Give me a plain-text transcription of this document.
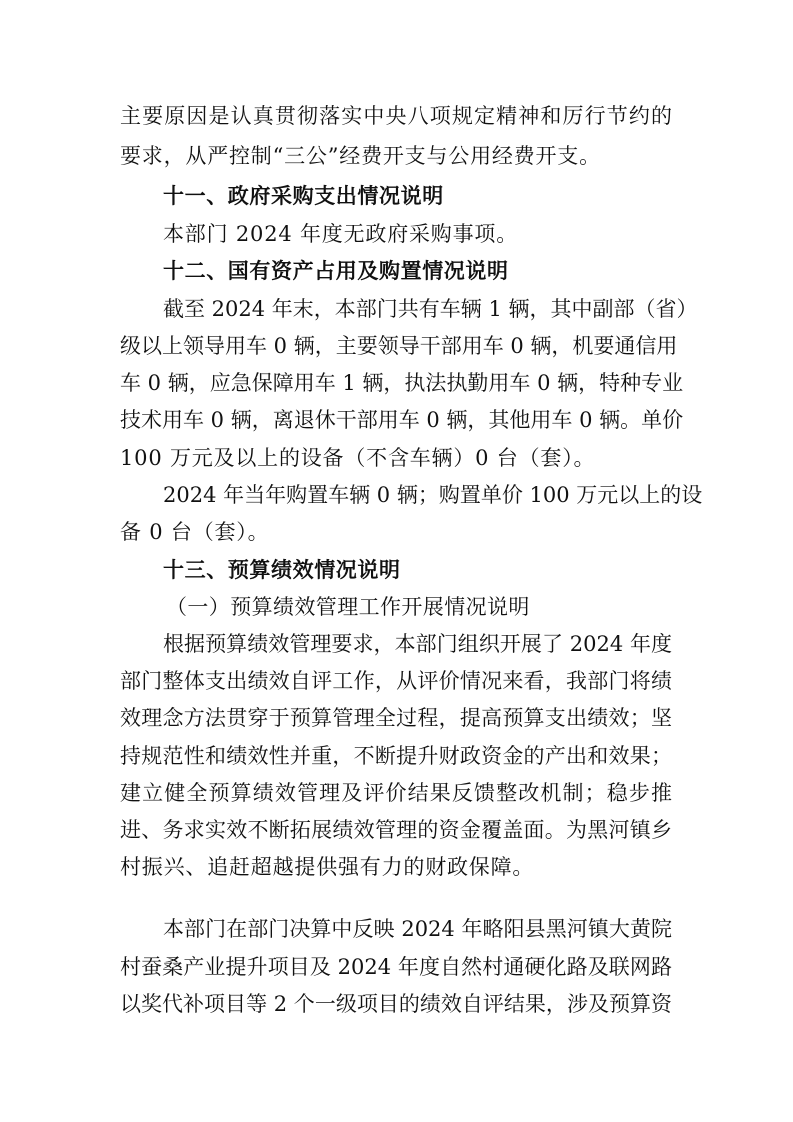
主要原因是认真贯彻落实中央八项规定精神和厉行节约的
要求，从严控制“三公”经费开支与公用经费开支。
十一、政府采购支出情况说明
本部门 2024 年度无政府采购事项。
十二、国有资产占用及购置情况说明
截至 2024 年末，本部门共有车辆 1 辆，其中副部（省）
级以上领导用车 0 辆，主要领导干部用车 0 辆，机要通信用
车 0 辆，应急保障用车 1 辆，执法执勤用车 0 辆，特种专业
技术用车 0 辆，离退休干部用车 0 辆，其他用车 0 辆。单价
100 万元及以上的设备（不含车辆）0 台（套）。
2024 年当年购置车辆 0 辆；购置单价 100 万元以上的设
备 0 台（套）。
十三、预算绩效情况说明
（一）预算绩效管理工作开展情况说明
根据预算绩效管理要求，本部门组织开展了 2024 年度
部门整体支出绩效自评工作，从评价情况来看，我部门将绩
效理念方法贯穿于预算管理全过程，提高预算支出绩效；坚
持规范性和绩效性并重，不断提升财政资金的产出和效果；
建立健全预算绩效管理及评价结果反馈整改机制；稳步推
进、务求实效不断拓展绩效管理的资金覆盖面。为黑河镇乡
村振兴、追赶超越提供强有力的财政保障。
本部门在部门决算中反映 2024 年略阳县黑河镇大黄院
村蚕桑产业提升项目及 2024 年度自然村通硬化路及联网路
以奖代补项目等 2 个一级项目的绩效自评结果，涉及预算资
